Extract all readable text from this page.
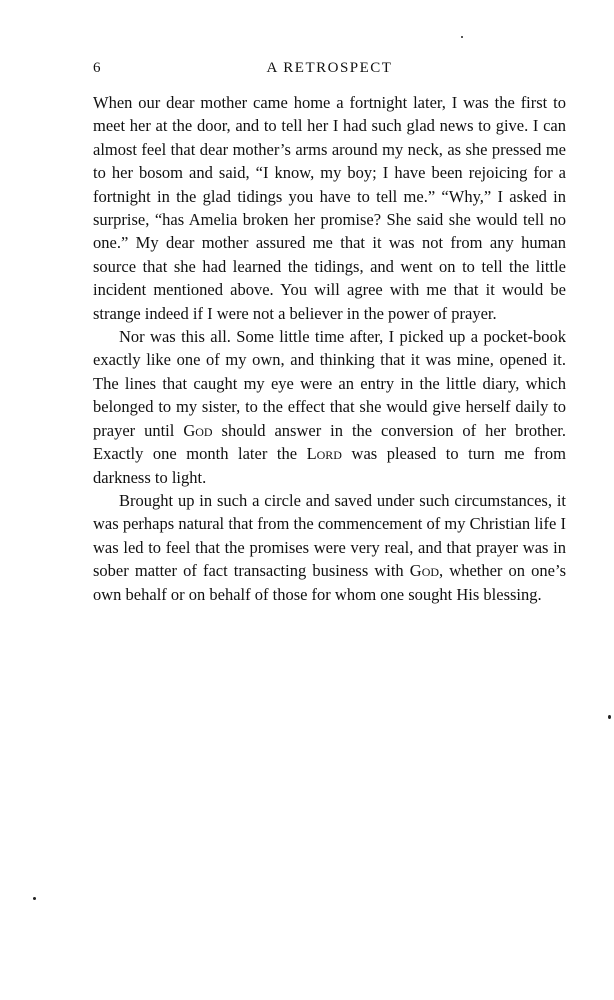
6	A RETROSPECT

When our dear mother came home a fortnight later, I was the first to meet her at the door, and to tell her I had such glad news to give. I can almost feel that dear mother’s arms around my neck, as she pressed me to her bosom and said, “I know, my boy; I have been rejoicing for a fortnight in the glad tidings you have to tell me.” “Why,” I asked in surprise, “has Amelia broken her promise? She said she would tell no one.” My dear mother assured me that it was not from any human source that she had learned the tidings, and went on to tell the little incident mentioned above. You will agree with me that it would be strange indeed if I were not a believer in the power of prayer.

Nor was this all. Some little time after, I picked up a pocket-book exactly like one of my own, and thinking that it was mine, opened it. The lines that caught my eye were an entry in the little diary, which belonged to my sister, to the effect that she would give herself daily to prayer until God should answer in the conversion of her brother. Exactly one month later the Lord was pleased to turn me from darkness to light.

Brought up in such a circle and saved under such circumstances, it was perhaps natural that from the commencement of my Christian life I was led to feel that the promises were very real, and that prayer was in sober matter of fact transacting business with God, whether on one’s own behalf or on behalf of those for whom one sought His blessing.
